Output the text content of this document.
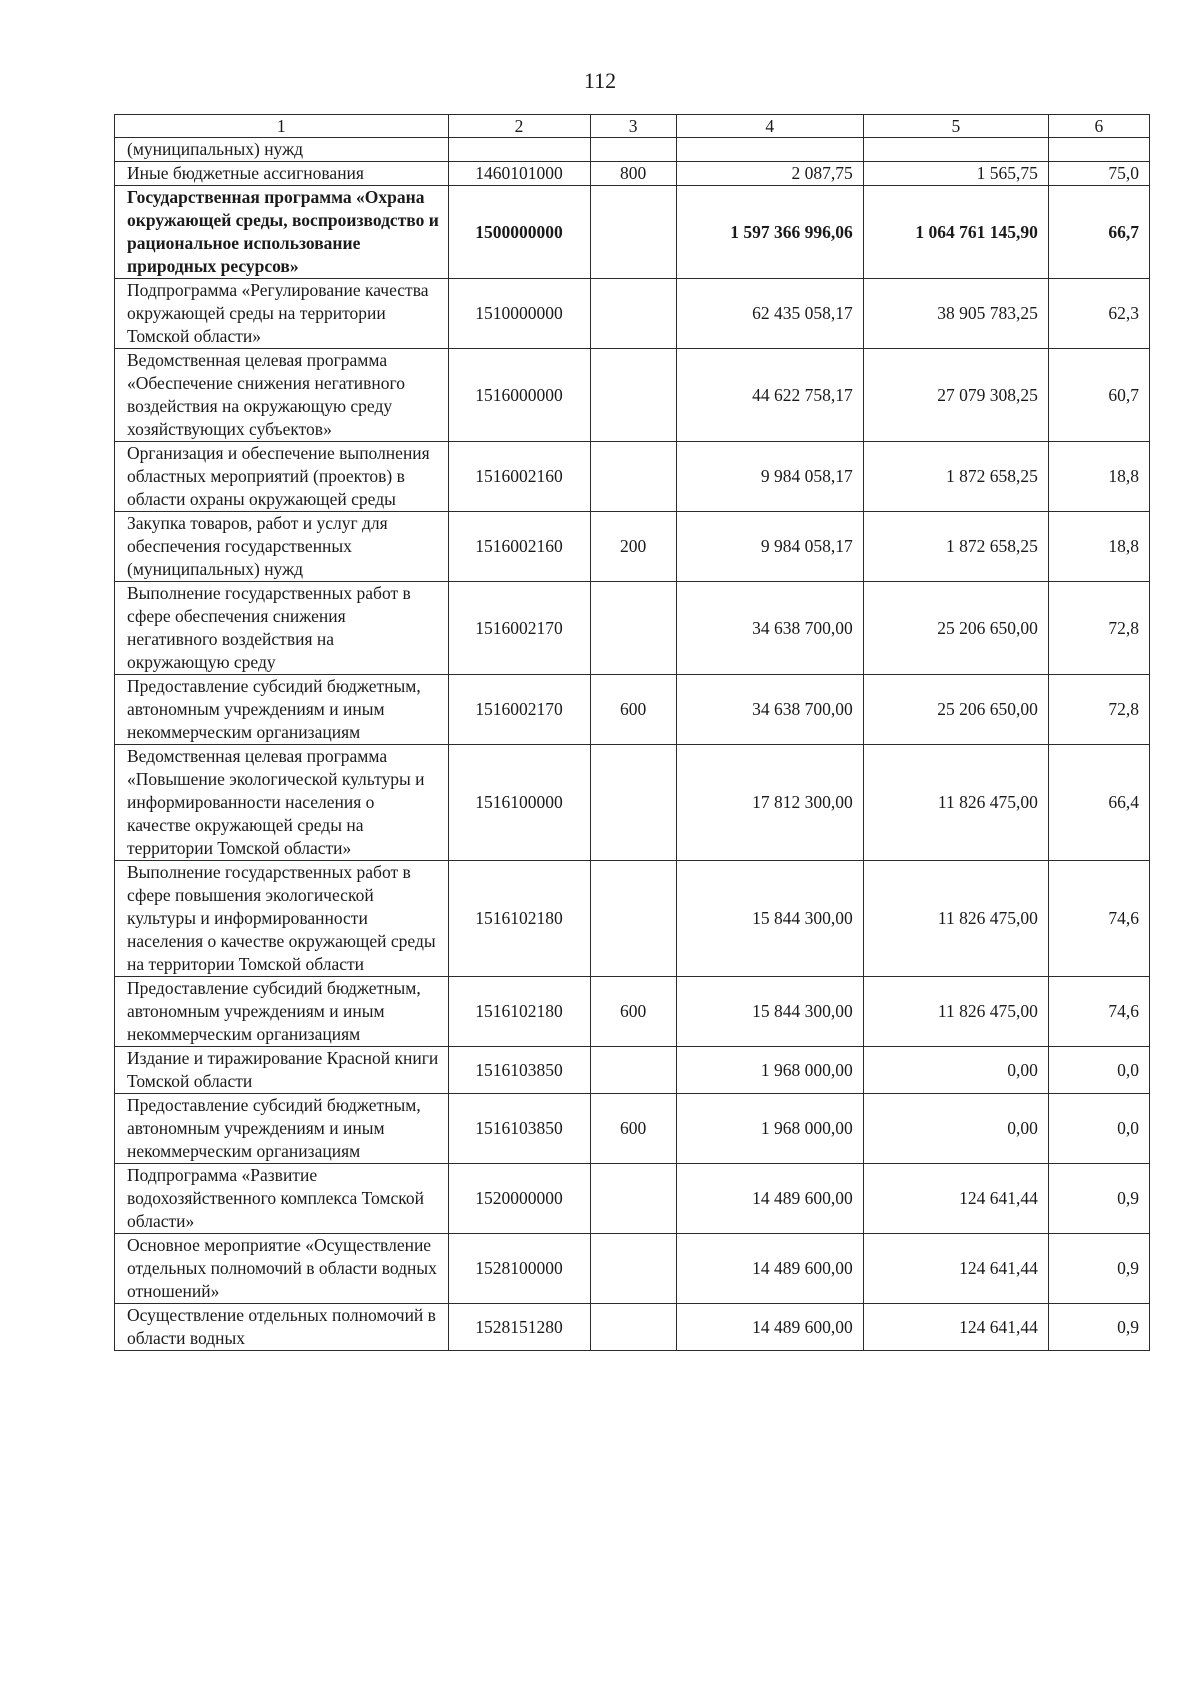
112
1	2	3	4	5	6
(муниципальных) нужд					
Иные бюджетные ассигнования	1460101000	800	2 087,75	1 565,75	75,0
Государственная программа «Охрана окружающей среды, воспроизводство и рациональное использование природных ресурсов»	1500000000		1 597 366 996,06	1 064 761 145,90	66,7
Подпрограмма «Регулирование качества окружающей среды на территории Томской области»	1510000000		62 435 058,17	38 905 783,25	62,3
Ведомственная целевая программа «Обеспечение снижения негативного воздействия на окружающую среду хозяйствующих субъектов»	1516000000		44 622 758,17	27 079 308,25	60,7
Организация и обеспечение выполнения областных мероприятий (проектов) в области охраны окружающей среды	1516002160		9 984 058,17	1 872 658,25	18,8
Закупка товаров, работ и услуг для обеспечения государственных (муниципальных) нужд	1516002160	200	9 984 058,17	1 872 658,25	18,8
Выполнение государственных работ в сфере обеспечения снижения негативного воздействия на окружающую среду	1516002170		34 638 700,00	25 206 650,00	72,8
Предоставление субсидий бюджетным, автономным учреждениям и иным некоммерческим организациям	1516002170	600	34 638 700,00	25 206 650,00	72,8
Ведомственная целевая программа «Повышение экологической культуры и информированности населения о качестве окружающей среды на территории Томской области»	1516100000		17 812 300,00	11 826 475,00	66,4
Выполнение государственных работ в сфере повышения экологической культуры и информированности населения о качестве окружающей среды на территории Томской области	1516102180		15 844 300,00	11 826 475,00	74,6
Предоставление субсидий бюджетным, автономным учреждениям и иным некоммерческим организациям	1516102180	600	15 844 300,00	11 826 475,00	74,6
Издание и тиражирование Красной книги Томской области	1516103850		1 968 000,00	0,00	0,0
Предоставление субсидий бюджетным, автономным учреждениям и иным некоммерческим организациям	1516103850	600	1 968 000,00	0,00	0,0
Подпрограмма «Развитие водохозяйственного комплекса Томской области»	1520000000		14 489 600,00	124 641,44	0,9
Основное мероприятие «Осуществление отдельных полномочий в области водных отношений»	1528100000		14 489 600,00	124 641,44	0,9
Осуществление отдельных полномочий в области водных	1528151280		14 489 600,00	124 641,44	0,9
